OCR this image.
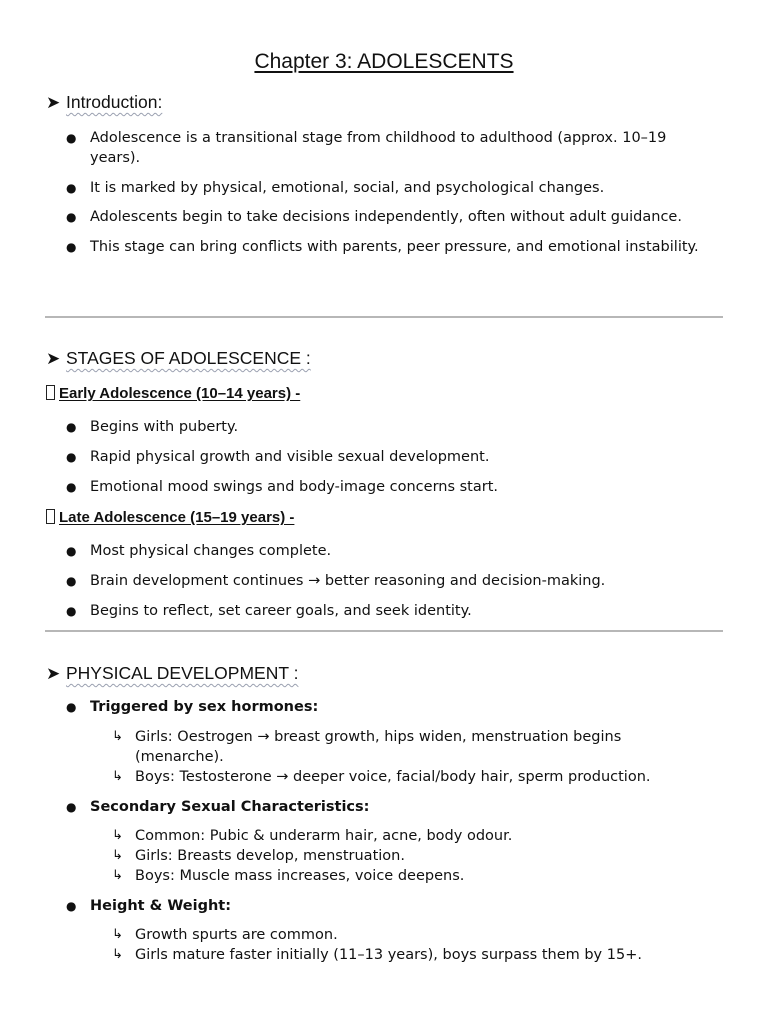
Chapter 3: ADOLESCENTS
➤ Introduction:
● Adolescence is a transitional stage from childhood to adulthood (approx. 10–19 years).
● It is marked by physical, emotional, social, and psychological changes.
● Adolescents begin to take decisions independently, often without adult guidance.
● This stage can bring conflicts with parents, peer pressure, and emotional instability.
➤ STAGES OF ADOLESCENCE :
Early Adolescence (10–14 years) -
● Begins with puberty.
● Rapid physical growth and visible sexual development.
● Emotional mood swings and body-image concerns start.
Late Adolescence (15–19 years) -
● Most physical changes complete.
● Brain development continues → better reasoning and decision-making.
● Begins to reflect, set career goals, and seek identity.
➤ PHYSICAL DEVELOPMENT :
● Triggered by sex hormones:
↳ Girls: Oestrogen → breast growth, hips widen, menstruation begins (menarche).
↳ Boys: Testosterone → deeper voice, facial/body hair, sperm production.
● Secondary Sexual Characteristics:
↳ Common: Pubic & underarm hair, acne, body odour.
↳ Girls: Breasts develop, menstruation.
↳ Boys: Muscle mass increases, voice deepens.
● Height & Weight:
↳ Growth spurts are common.
↳ Girls mature faster initially (11–13 years), boys surpass them by 15+.
